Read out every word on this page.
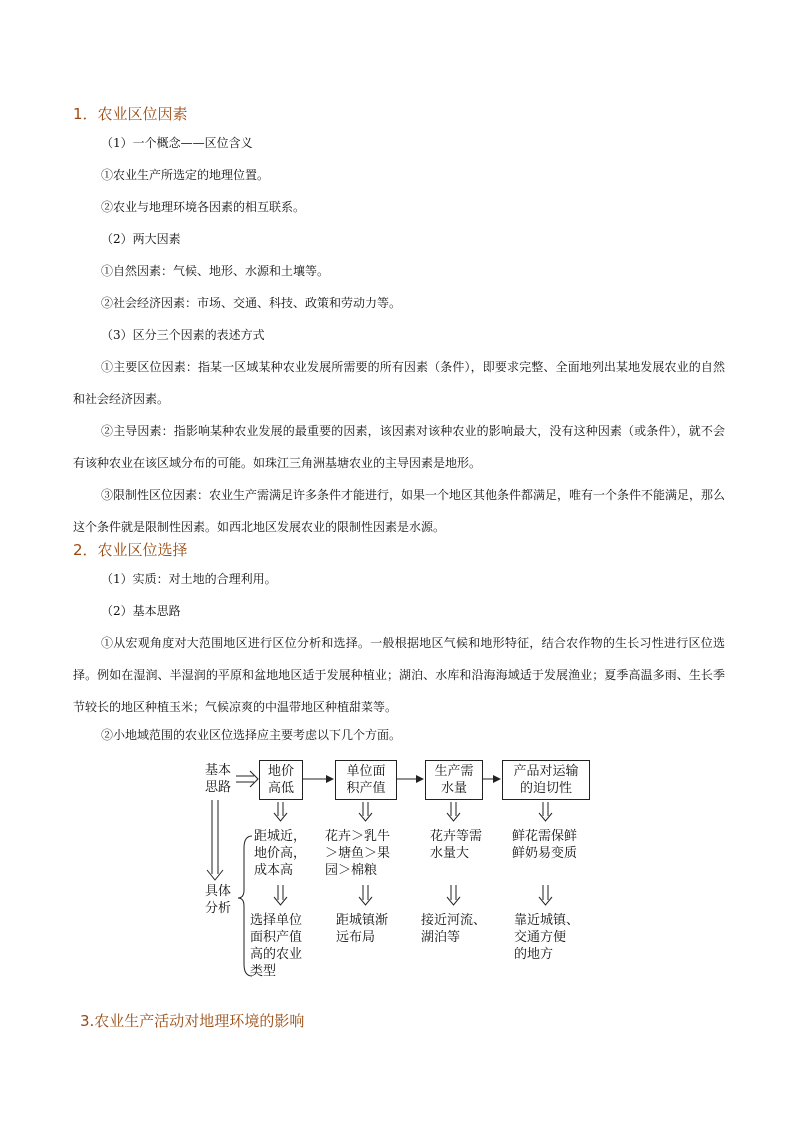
1．农业区位因素
（1）一个概念——区位含义
①农业生产所选定的地理位置。
②农业与地理环境各因素的相互联系。
（2）两大因素
①自然因素：气候、地形、水源和土壤等。
②社会经济因素：市场、交通、科技、政策和劳动力等。
（3）区分三个因素的表述方式
①主要区位因素：指某一区域某种农业发展所需要的所有因素（条件），即要求完整、全面地列出某地发展农业的自然和社会经济因素。
②主导因素：指影响某种农业发展的最重要的因素，该因素对该种农业的影响最大，没有这种因素（或条件），就不会有该种农业在该区域分布的可能。如珠江三角洲基塘农业的主导因素是地形。
③限制性区位因素：农业生产需满足许多条件才能进行，如果一个地区其他条件都满足，唯有一个条件不能满足，那么这个条件就是限制性因素。如西北地区发展农业的限制性因素是水源。
2．农业区位选择
（1）实质：对土地的合理利用。
（2）基本思路
①从宏观角度对大范围地区进行区位分析和选择。一般根据地区气候和地形特征，结合农作物的生长习性进行区位选择。例如在湿润、半湿润的平原和盆地地区适于发展种植业；湖泊、水库和沿海海域适于发展渔业；夏季高温多雨、生长季节较长的地区种植玉米；气候凉爽的中温带地区种植甜菜等。
②小地域范围的农业区位选择应主要考虑以下几个方面。
基本
思路
具体
分析
地价
高低
单位面
积产值
生产需
水量
产品对运输
的迫切性
距城近，
地价高，
成本高
花卉＞乳牛
＞塘鱼＞果
园＞棉粮
花卉等需
水量大
鲜花需保鲜
鲜奶易变质
选择单位
面积产值
高的农业
类型
距城镇渐
远布局
接近河流、
湖泊等
靠近城镇、
交通方便
的地方
3.农业生产活动对地理环境的影响
